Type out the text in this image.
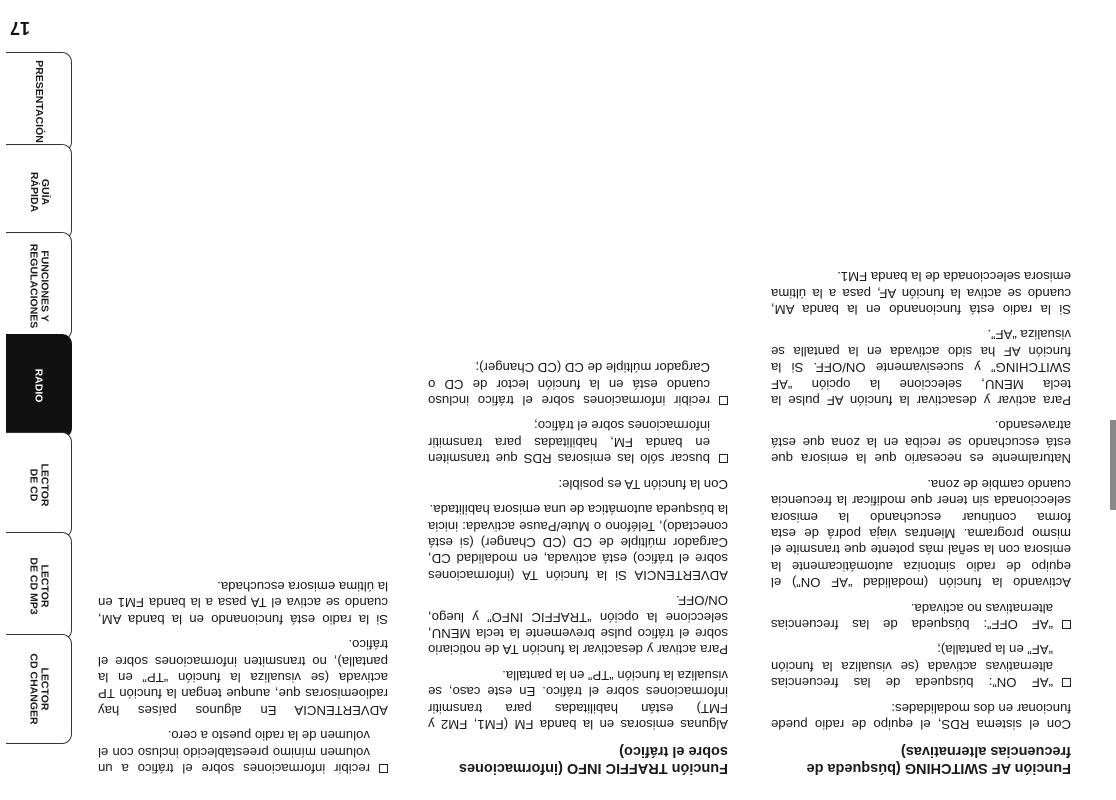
17
PRESENTACIÓN
GUÍA
RÁPIDA
FUNCIONES Y
REGULACIONES
RADIO
LECTOR
DE CD
LECTOR
DE CD MP3
LECTOR
CD CHANGER
Función AF SWITCHING (búsqueda de frecuencias alternativas)

Con el sistema RDS, el equipo de radio puede funcionar en dos modalidades:

“AF ON”: búsqueda de las frecuencias alternativas activada (se visualiza la función “AF” en la pantalla);

“AF OFF”: búsqueda de las frecuencias alternativas no activada.

Activando la función (modalidad “AF ON”) el equipo de radio sintoniza automáticamente la emisora con la señal más potente que transmite el mismo programa. Mientras viaja podrá de esta forma continuar escuchando la emisora seleccionada sin tener que modificar la frecuencia cuando cambie de zona.

Naturalmente es necesario que la emisora que está escuchando se reciba en la zona que está atravesando.

Para activar y desactivar la función AF pulse la tecla MENU, seleccione la opción “AF SWITCHING” y sucesivamente ON/OFF. Si la función AF ha sido activada en la pantalla se visualiza “AF”.

Si la radio está funcionando en la banda AM, cuando se activa la función AF, pasa a la última emisora seleccionada de la banda FM1.

Función TRAFFIC INFO (informaciones sobre el tráfico)

Algunas emisoras en la banda FM (FM1, FM2 y FMT) están habilitadas para transmitir informaciones sobre el tráfico. En este caso, se visualiza la función “TP” en la pantalla.

Para activar y desactivar la función TA de noticiario sobre el tráfico pulse brevemente la tecla MENU, seleccione la opción “TRAFFIC INFO” y luego, ON/OFF.

ADVERTENCIA Si la función TA (informaciones sobre el tráfico) está activada, en modalidad CD, Cargador múltiple de CD (CD Changer) (si está conectado), Teléfono o Mute/Pause activada: inicia la búsqueda automática de una emisora habilitada.

Con la función TA es posible:

buscar sólo las emisoras RDS que transmiten en banda FM, habilitadas para transmitir informaciones sobre el tráfico;

recibir informaciones sobre el tráfico incluso cuando está en la función lector de CD o Cargador múltiple de CD (CD Changer);

recibir informaciones sobre el tráfico a un volumen mínimo preestablecido incluso con el volumen de la radio puesto a cero.

ADVERTENCIA En algunos países hay radioemisoras que, aunque tengan la función TP activada (se visualiza la función “TP” en la pantalla), no transmiten informaciones sobre el tráfico.

Si la radio está funcionando en la banda AM, cuando se activa el TA pasa a la banda FM1 en la última emisora escuchada.
